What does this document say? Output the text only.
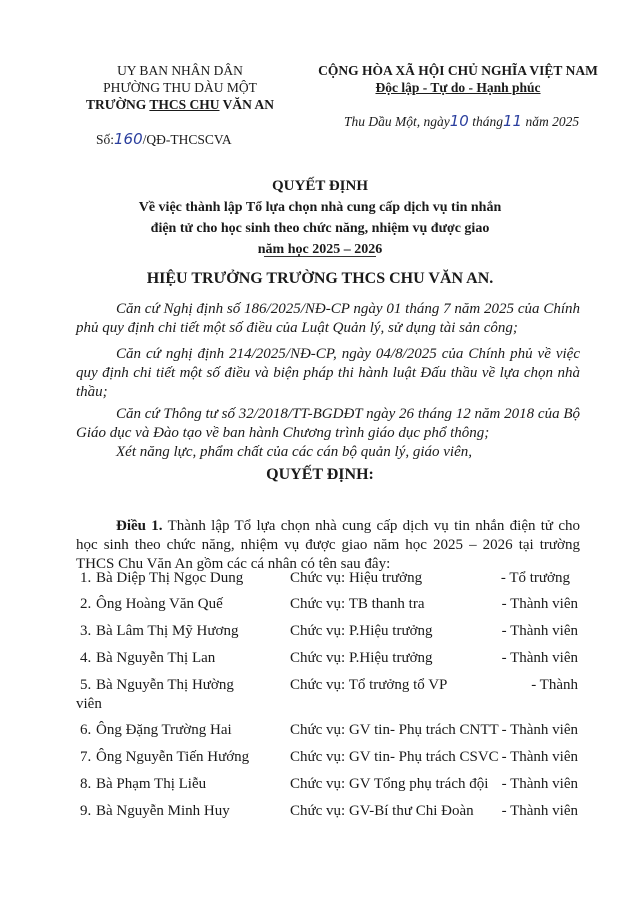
UY BAN NHÂN DÂN
PHƯỜNG THU DÀU MỘT
TRƯỜNG THCS CHU VĂN AN
Số:160/QĐ-THCSCVA
CỘNG HÒA XÃ HỘI CHỦ NGHĨA VIỆT NAM
Độc lập - Tự do - Hạnh phúc
Thu Dầu Một, ngày10 tháng11 năm 2025
QUYẾT ĐỊNH
Về việc thành lập Tổ lựa chọn nhà cung cấp dịch vụ tin nhắn
điện tử cho học sinh theo chức năng, nhiệm vụ được giao
năm học 2025 – 2026
HIỆU TRƯỞNG TRƯỜNG THCS CHU VĂN AN.
Căn cứ Nghị định số 186/2025/NĐ-CP ngày 01 tháng 7 năm 2025 của Chính phủ quy định chi tiết một số điều của Luật Quản lý, sử dụng tài sản công;
Căn cứ nghị định 214/2025/NĐ-CP, ngày 04/8/2025 của Chính phủ về việc quy định chi tiết một số điều và biện pháp thi hành luật Đấu thầu về lựa chọn nhà thầu;
Căn cứ Thông tư số 32/2018/TT-BGDĐT ngày 26 tháng 12 năm 2018 của Bộ Giáo dục và Đào tạo về ban hành Chương trình giáo dục phổ thông;
Xét năng lực, phẩm chất của các cán bộ quản lý, giáo viên,
QUYẾT ĐỊNH:
Điều 1. Thành lập Tổ lựa chọn nhà cung cấp dịch vụ tin nhắn điện tử cho học sinh theo chức năng, nhiệm vụ được giao năm học 2025 – 2026 tại trường THCS Chu Văn An gồm các cá nhân có tên sau đây:
1. Bà Diệp Thị Ngọc Dung	Chức vụ: Hiệu trưởng	- Tổ trưởng
2. Ông Hoàng Văn Quế	Chức vụ: TB thanh tra	- Thành viên
3. Bà Lâm Thị Mỹ Hương	Chức vụ: P.Hiệu trưởng	- Thành viên
4. Bà Nguyễn Thị Lan	Chức vụ: P.Hiệu trưởng	- Thành viên
5. Bà Nguyễn Thị Hường	Chức vụ: Tổ trưởng tổ VP	- Thành
viên
6. Ông Đặng Trường Hai	Chức vụ: GV tin- Phụ trách CNTT - Thành viên
7. Ông Nguyễn Tiến Hướng	Chức vụ: GV tin- Phụ trách CSVC - Thành viên
8. Bà Phạm Thị Liễu	Chức vụ: GV Tổng phụ trách đội - Thành viên
9. Bà Nguyễn Minh Huy	Chức vụ: GV-Bí thư Chi Đoàn - Thành viên
